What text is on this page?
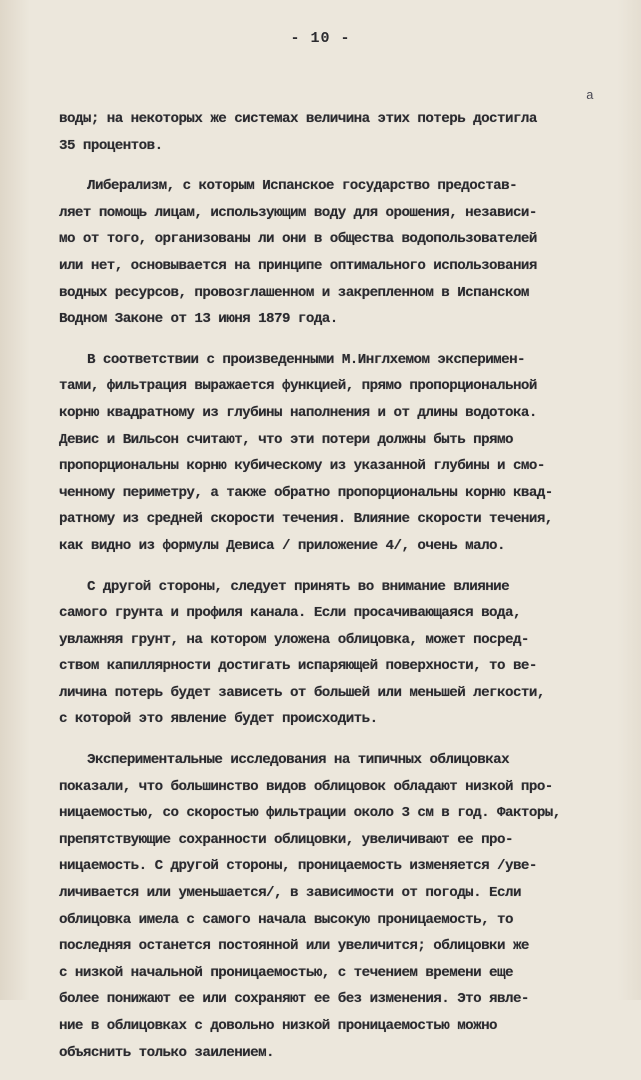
- 10 -
a
воды; на некоторых же системах величина этих потерь достигла
35 процентов.
Либерализм, с которым Испанское государство предостав-
ляет помощь лицам, использующим воду для орошения, независи-
мо от того, организованы ли они в общества водопользователей
или нет, основывается на принципе оптимального использования
водных ресурсов, провозглашенном и закрепленном в Испанском
Водном Законе от 13 июня 1879 года.
В соответствии с произведенными М.Инглхемом эксперимен-
тами, фильтрация выражается функцией, прямо пропорциональной
корню квадратному из глубины наполнения и от длины водотока.
Девис и Вильсон считают, что эти потери должны быть прямо
пропорциональны корню кубическому из указанной глубины и смо-
ченному периметру, а также обратно пропорциональны корню квад-
ратному из средней скорости течения. Влияние скорости течения,
как видно из формулы Девиса / приложение 4/, очень мало.
С другой стороны, следует принять во внимание влияние
самого грунта и профиля канала. Если просачивающаяся вода,
увлажняя грунт, на котором уложена облицовка, может посред-
ством капиллярности достигать испаряющей поверхности, то ве-
личина потерь будет зависеть от большей или меньшей легкости,
с которой это явление будет происходить.
Экспериментальные исследования на типичных облицовках
показали, что большинство видов облицовок обладают низкой про-
ницаемостью, со скоростью фильтрации около 3 см в год. Факторы,
препятствующие сохранности облицовки, увеличивают ее про-
ницаемость. С другой стороны, проницаемость изменяется /уве-
личивается или уменьшается/, в зависимости от погоды. Если
облицовка имела с самого начала высокую проницаемость, то
последняя останется постоянной или увеличится; облицовки же
с низкой начальной проницаемостью, с течением времени еще
более понижают ее или сохраняют ее без изменения. Это явле-
ние в облицовках с довольно низкой проницаемостью можно
объяснить только заилением.
